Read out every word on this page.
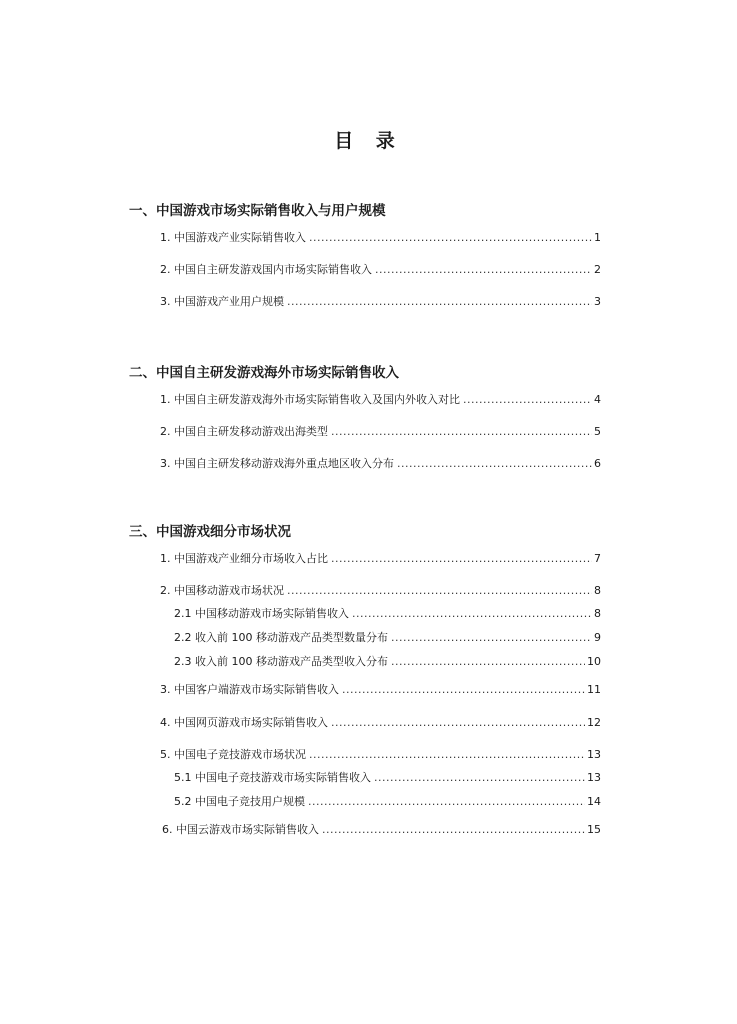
目 录
一、中国游戏市场实际销售收入与用户规模
1. 中国游戏产业实际销售收入 .....	1
2. 中国自主研发游戏国内市场实际销售收入 .....	2
3. 中国游戏产业用户规模 .....	3
二、中国自主研发游戏海外市场实际销售收入
1. 中国自主研发游戏海外市场实际销售收入及国内外收入对比 .....	4
2. 中国自主研发移动游戏出海类型 .....	5
3. 中国自主研发移动游戏海外重点地区收入分布 .....	6
三、中国游戏细分市场状况
1. 中国游戏产业细分市场收入占比 .....	7
2. 中国移动游戏市场状况 .....	8
2.1 中国移动游戏市场实际销售收入 .....	8
2.2 收入前 100 移动游戏产品类型数量分布 .....	9
2.3 收入前 100 移动游戏产品类型收入分布 .....	10
3. 中国客户端游戏市场实际销售收入 .....	11
4. 中国网页游戏市场实际销售收入 .....	12
5. 中国电子竞技游戏市场状况 .....	13
5.1 中国电子竞技游戏市场实际销售收入 .....	13
5.2 中国电子竞技用户规模 .....	14
6. 中国云游戏市场实际销售收入 .....	15
